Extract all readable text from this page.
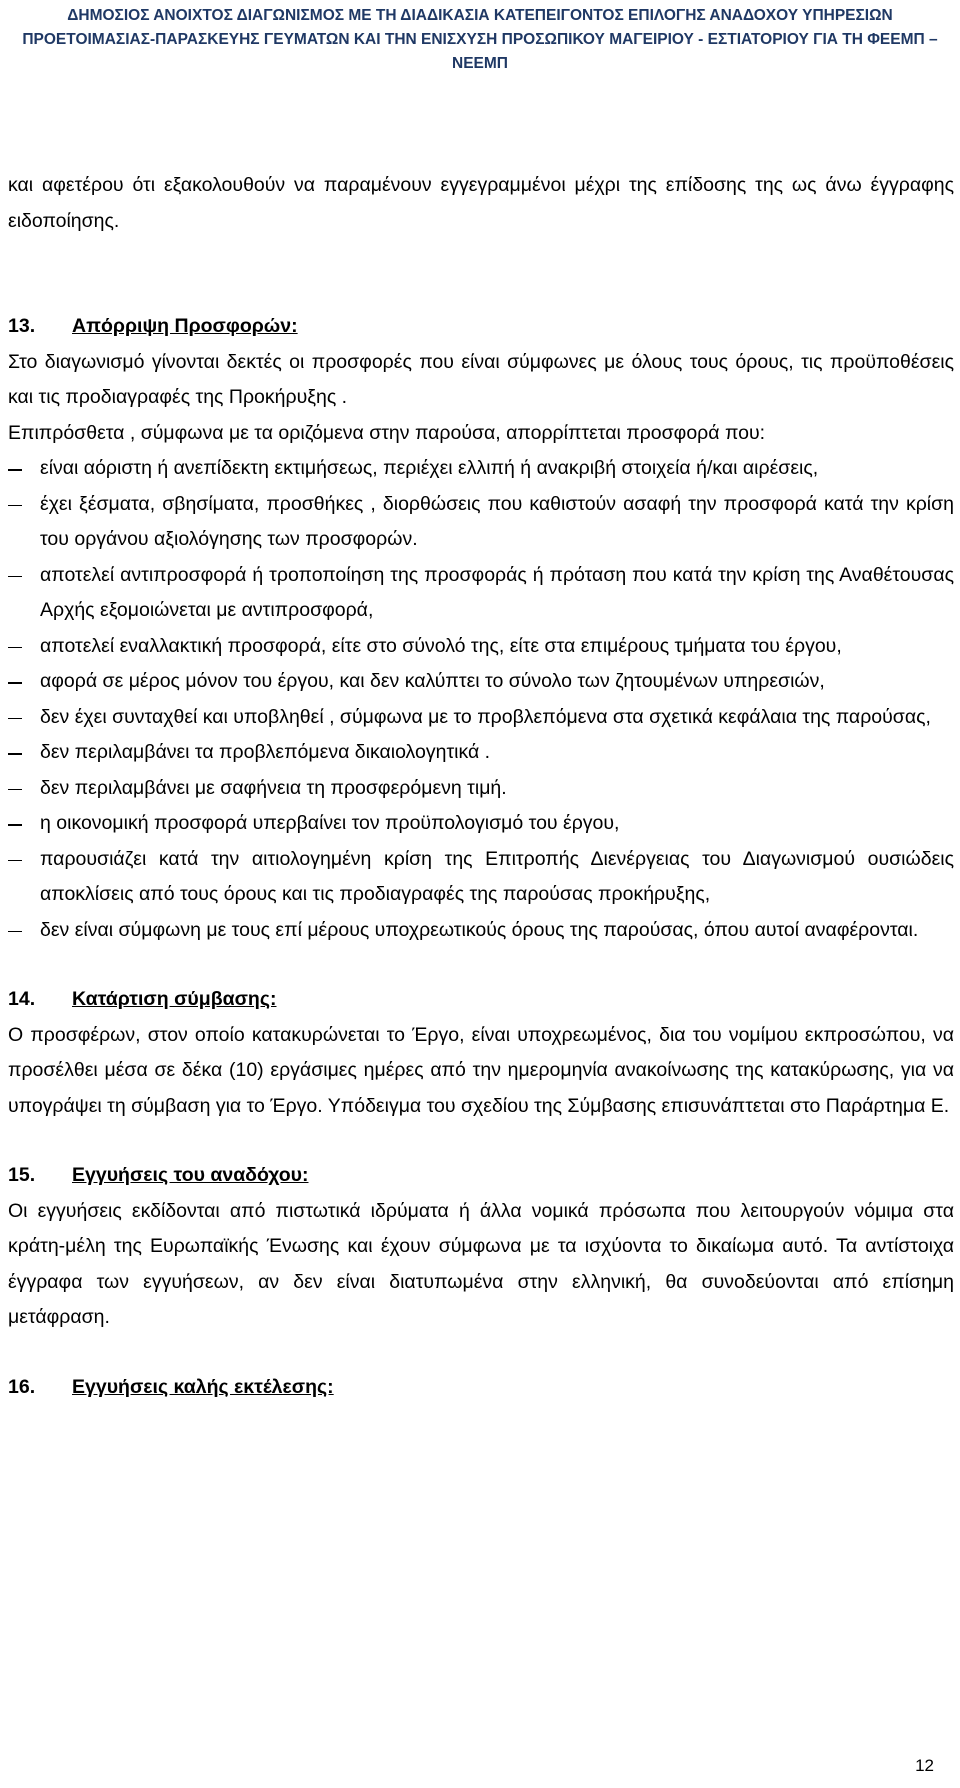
ΔΗΜΟΣΙΟΣ ΑΝΟΙΧΤΟΣ ΔΙΑΓΩΝΙΣΜΟΣ ΜΕ ΤΗ ΔΙΑΔΙΚΑΣΙΑ ΚΑΤΕΠΕΙΓΟΝΤΟΣ ΕΠΙΛΟΓΗΣ ΑΝΑΔΟΧΟΥ ΥΠΗΡΕΣΙΩΝ
ΠΡΟΕΤΟΙΜΑΣΙΑΣ-ΠΑΡΑΣΚΕΥΗΣ ΓΕΥΜΑΤΩΝ ΚΑΙ ΤΗΝ ΕΝΙΣΧΥΣΗ ΠΡΟΣΩΠΙΚΟΥ ΜΑΓΕΙΡΙΟΥ - ΕΣΤΙΑΤΟΡΙΟΥ ΓΙΑ ΤΗ ΦΕΕΜΠ –
ΝΕΕΜΠ

και αφετέρου ότι εξακολουθούν να παραμένουν εγγεγραμμένοι μέχρι της επίδοσης της ως άνω έγγραφης ειδοποίησης.

13. Απόρριψη Προσφορών:

Στο διαγωνισμό γίνονται δεκτές οι προσφορές που είναι σύμφωνες με όλους τους όρους, τις προϋποθέσεις και τις προδιαγραφές της Προκήρυξης .

Επιπρόσθετα , σύμφωνα με τα οριζόμενα στην παρούσα, απορρίπτεται προσφορά που:

είναι αόριστη ή ανεπίδεκτη εκτιμήσεως, περιέχει ελλιπή ή ανακριβή στοιχεία ή/και αιρέσεις,
έχει ξέσματα, σβησίματα, προσθήκες , διορθώσεις που καθιστούν ασαφή την προσφορά κατά την κρίση του οργάνου αξιολόγησης των προσφορών.
αποτελεί αντιπροσφορά ή τροποποίηση της προσφοράς ή πρόταση που κατά την κρίση της Αναθέτουσας Αρχής εξομοιώνεται με αντιπροσφορά,
αποτελεί εναλλακτική προσφορά, είτε στο σύνολό της, είτε στα επιμέρους τμήματα του έργου,
αφορά σε μέρος μόνον του έργου, και δεν καλύπτει το σύνολο των ζητουμένων υπηρεσιών,
δεν έχει συνταχθεί και υποβληθεί , σύμφωνα με το προβλεπόμενα στα σχετικά κεφάλαια της παρούσας,
δεν περιλαμβάνει τα προβλεπόμενα δικαιολογητικά .
δεν περιλαμβάνει με σαφήνεια τη προσφερόμενη τιμή.
η οικονομική προσφορά υπερβαίνει τον προϋπολογισμό του έργου,
παρουσιάζει κατά την αιτιολογημένη κρίση της Επιτροπής Διενέργειας του Διαγωνισμού ουσιώδεις αποκλίσεις από τους όρους και τις προδιαγραφές της παρούσας προκήρυξης,
δεν είναι σύμφωνη με τους επί μέρους υποχρεωτικούς όρους της παρούσας, όπου αυτοί αναφέρονται.

14. Κατάρτιση σύμβασης:

Ο προσφέρων, στον οποίο κατακυρώνεται το Έργο, είναι υποχρεωμένος, δια του νομίμου εκπροσώπου, να προσέλθει μέσα σε δέκα (10) εργάσιμες ημέρες από την ημερομηνία ανακοίνωσης της κατακύρωσης, για να υπογράψει τη σύμβαση για το Έργο. Υπόδειγμα του σχεδίου της Σύμβασης επισυνάπτεται στο Παράρτημα Ε.

15. Εγγυήσεις του αναδόχου:

Οι εγγυήσεις εκδίδονται από πιστωτικά ιδρύματα ή άλλα νομικά πρόσωπα που λειτουργούν νόμιμα στα κράτη-μέλη της Ευρωπαϊκής Ένωσης και έχουν σύμφωνα με τα ισχύοντα το δικαίωμα αυτό. Τα αντίστοιχα έγγραφα των εγγυήσεων, αν δεν είναι διατυπωμένα στην ελληνική, θα συνοδεύονται από επίσημη μετάφραση.

16. Εγγυήσεις καλής εκτέλεσης:

12
